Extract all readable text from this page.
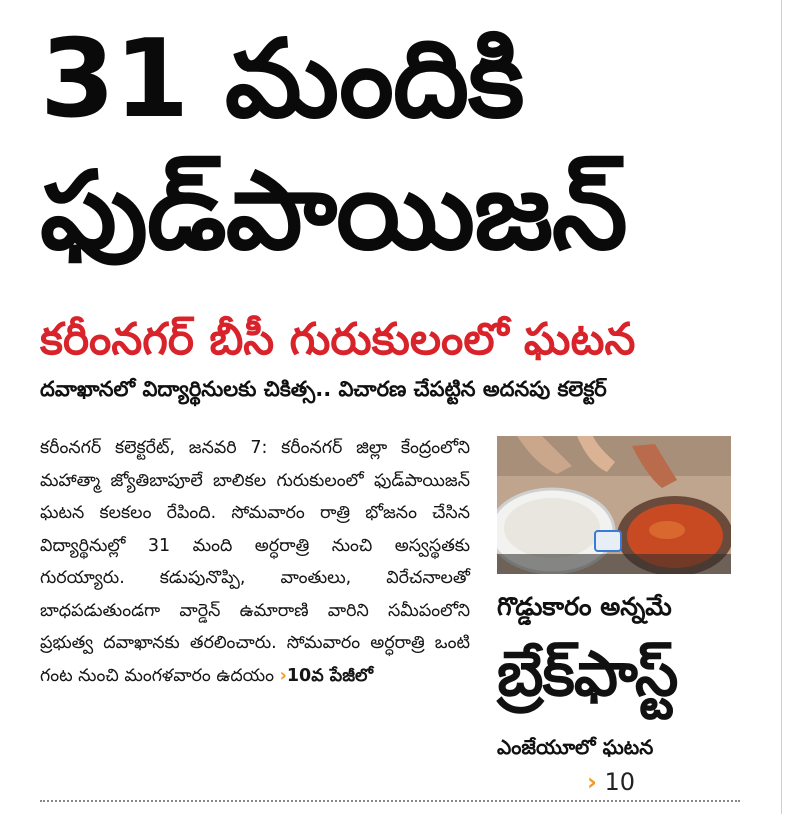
31 మందికి
ఫుడ్‌పాయిజన్
కరీంనగర్‌ బీసీ గురుకులంలో ఘటన
దవాఖానలో విద్యార్థినులకు చికిత్స.. విచారణ చేపట్టిన అదనపు కలెక్టర్‌
కరీంనగర్‌ కలెక్టరేట్‌, జనవరి 7: కరీంనగర్‌ జిల్లా కేంద్రంలోని మహాత్మా జ్యోతిబాపూలే బాలికల గురుకులంలో ఫుడ్‌పాయిజన్‌ ఘటన కలకలం రేపింది. సోమవారం రాత్రి భోజనం చేసిన విద్యార్థినుల్లో 31 మంది అర్ధరాత్రి నుంచి అస్వస్థతకు గురయ్యారు. కడుపునొప్పి, వాంతులు, విరేచనాలతో బాధపడుతుండగా వార్డెన్‌ ఉమారాణి వారిని సమీపంలోని ప్రభుత్వ దవాఖానకు తరలించారు. సోమవారం అర్ధరాత్రి ఒంటి గంట నుంచి మంగళవారం ఉదయం ›10వ పేజీలో
గొడ్డుకారం అన్నమే
బ్రేక్‌ఫాస్ట్‌
ఎంజేయూలో ఘటన
› 10
